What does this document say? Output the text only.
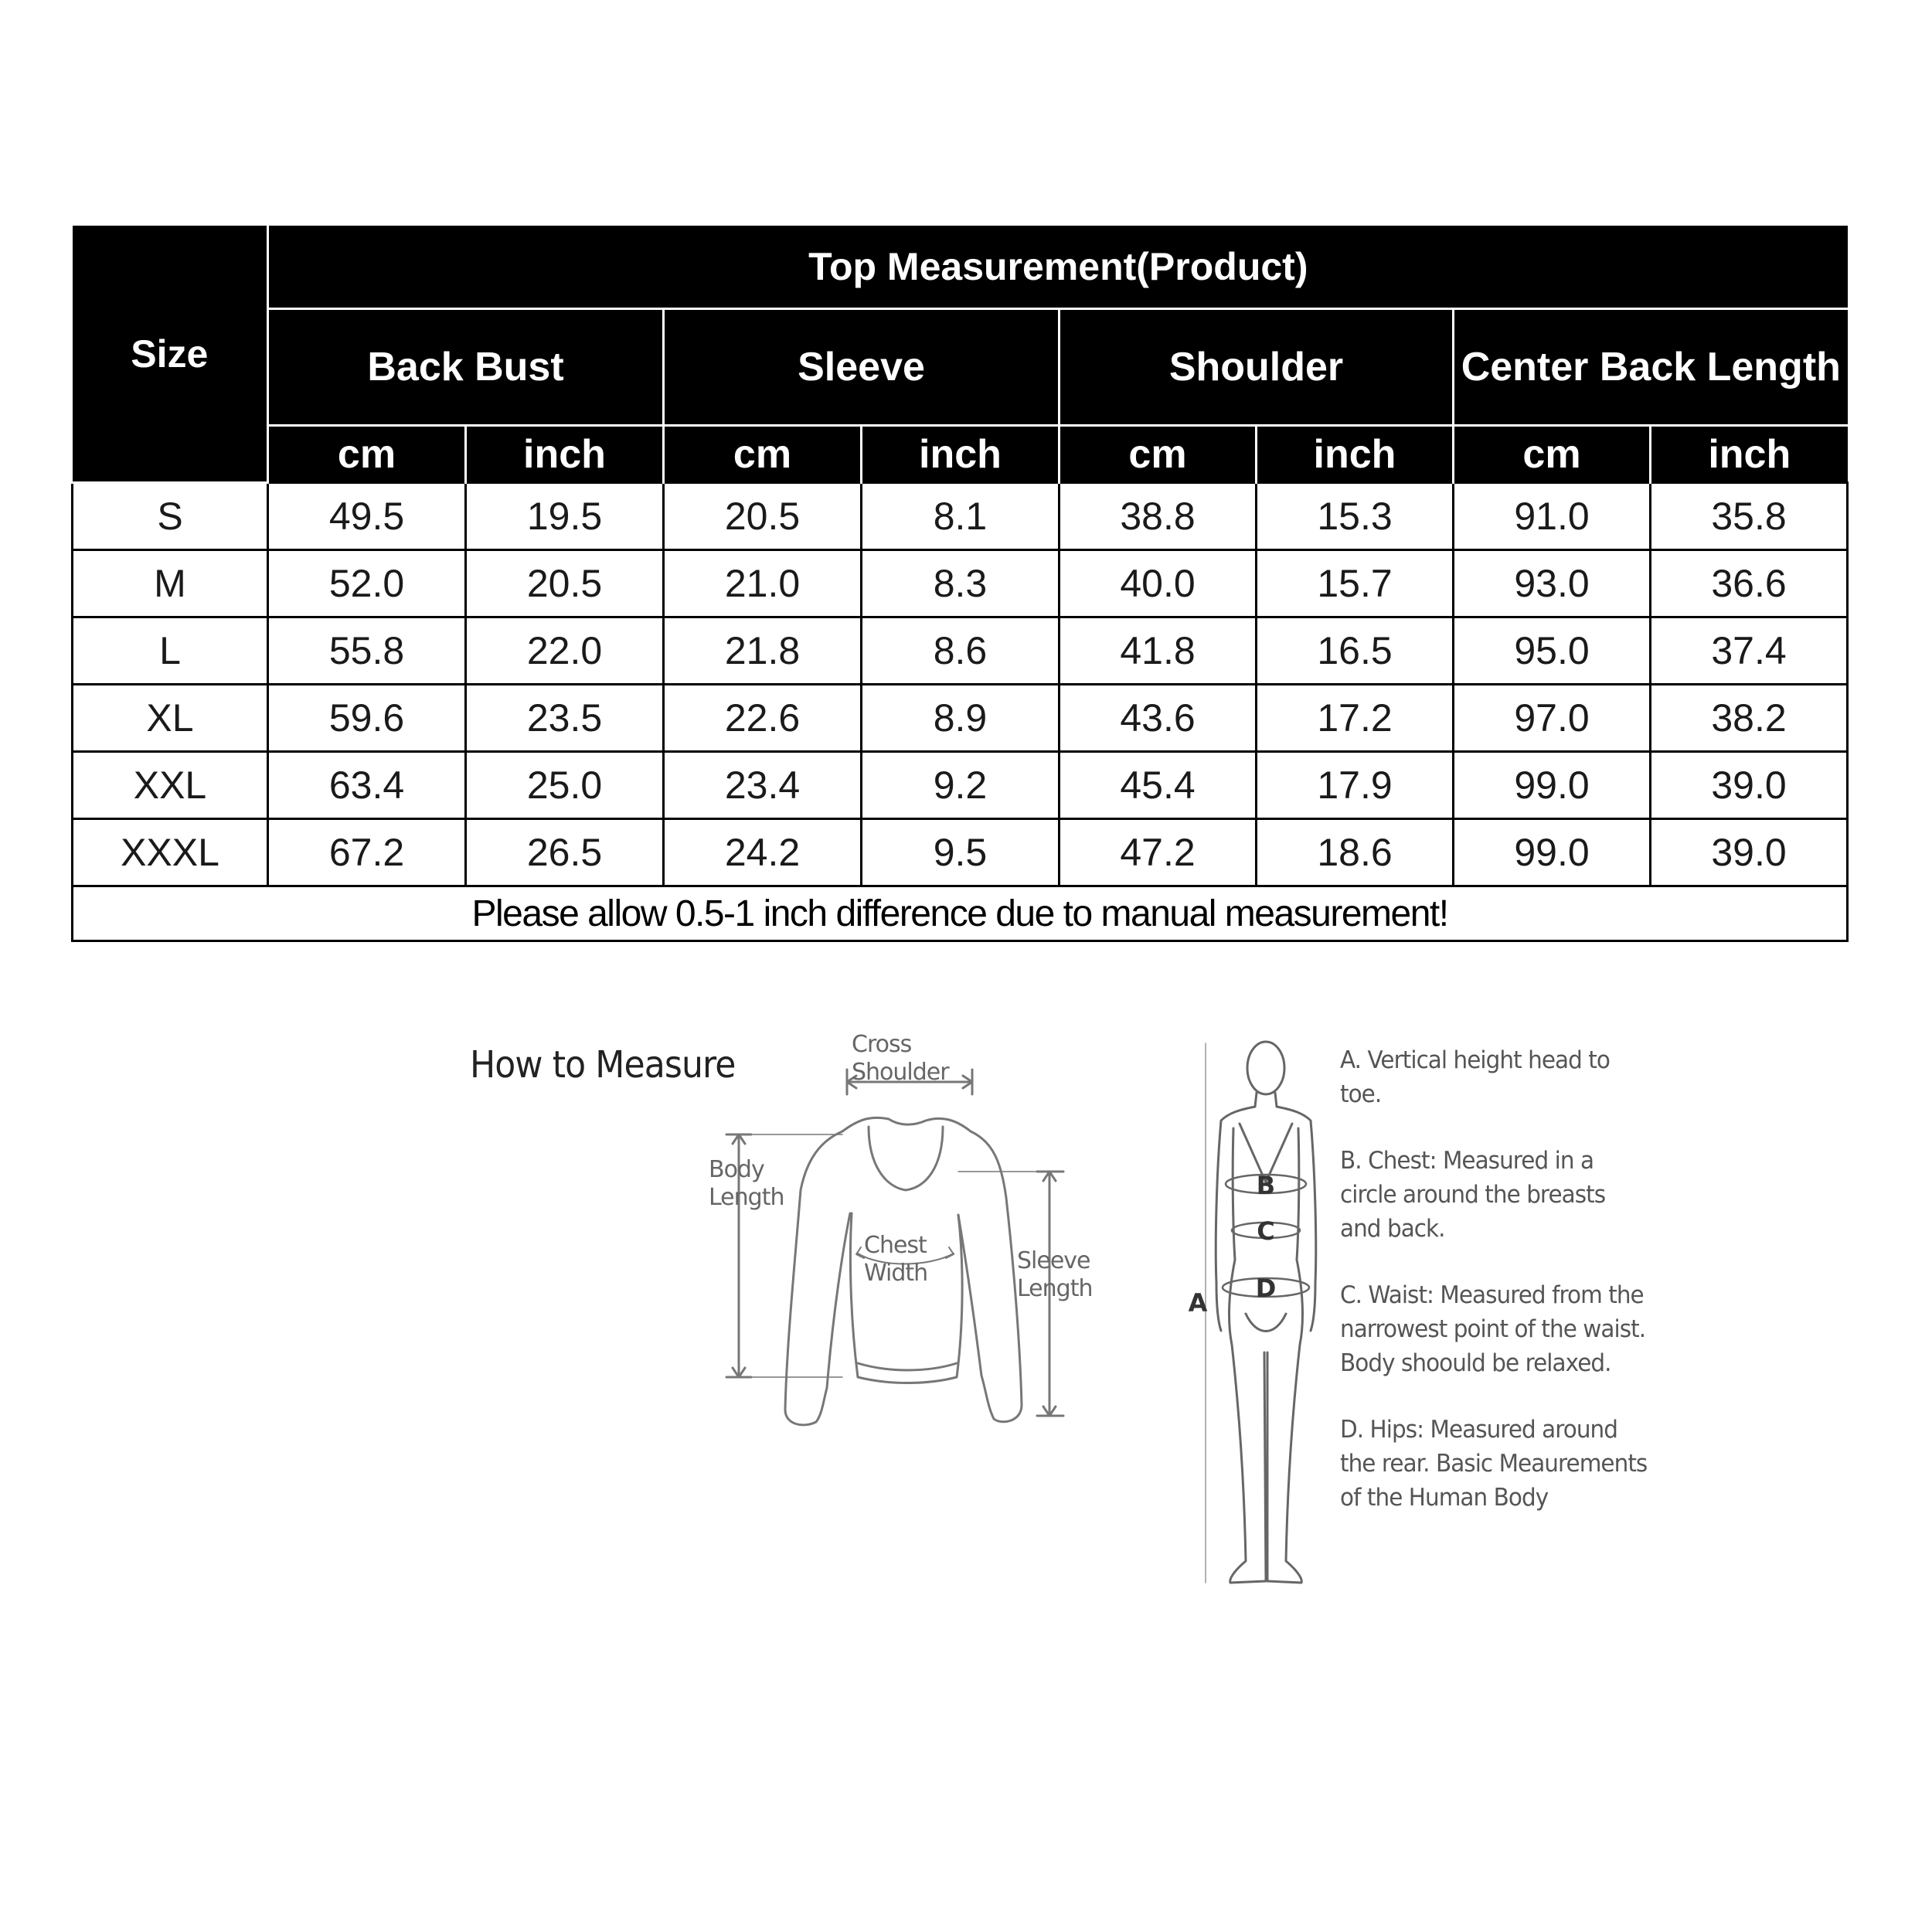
Size	Top Measurement(Product)							
	Back Bust		Sleeve		Shoulder		Center Back Length	
	cm	inch	cm	inch	cm	inch	cm	inch
S	49.5	19.5	20.5	8.1	38.8	15.3	91.0	35.8
M	52.0	20.5	21.0	8.3	40.0	15.7	93.0	36.6
L	55.8	22.0	21.8	8.6	41.8	16.5	95.0	37.4
XL	59.6	23.5	22.6	8.9	43.6	17.2	97.0	38.2
XXL	63.4	25.0	23.4	9.2	45.4	17.9	99.0	39.0
XXXL	67.2	26.5	24.2	9.5	47.2	18.6	99.0	39.0
Please allow 0.5-1 inch difference due to manual measurement!								
How to Measure	Cross
Shoulder
Body
Length
Chest
Width	Sleeve
Length	A
B
C
D
A. Vertical height head to toe.
B. Chest: Measured in a circle around the breasts and back.
C. Waist: Measured from the narrowest point of the waist. Body shoould be relaxed.
D. Hips: Measured around the rear. Basic Meaurements of the Human Body
